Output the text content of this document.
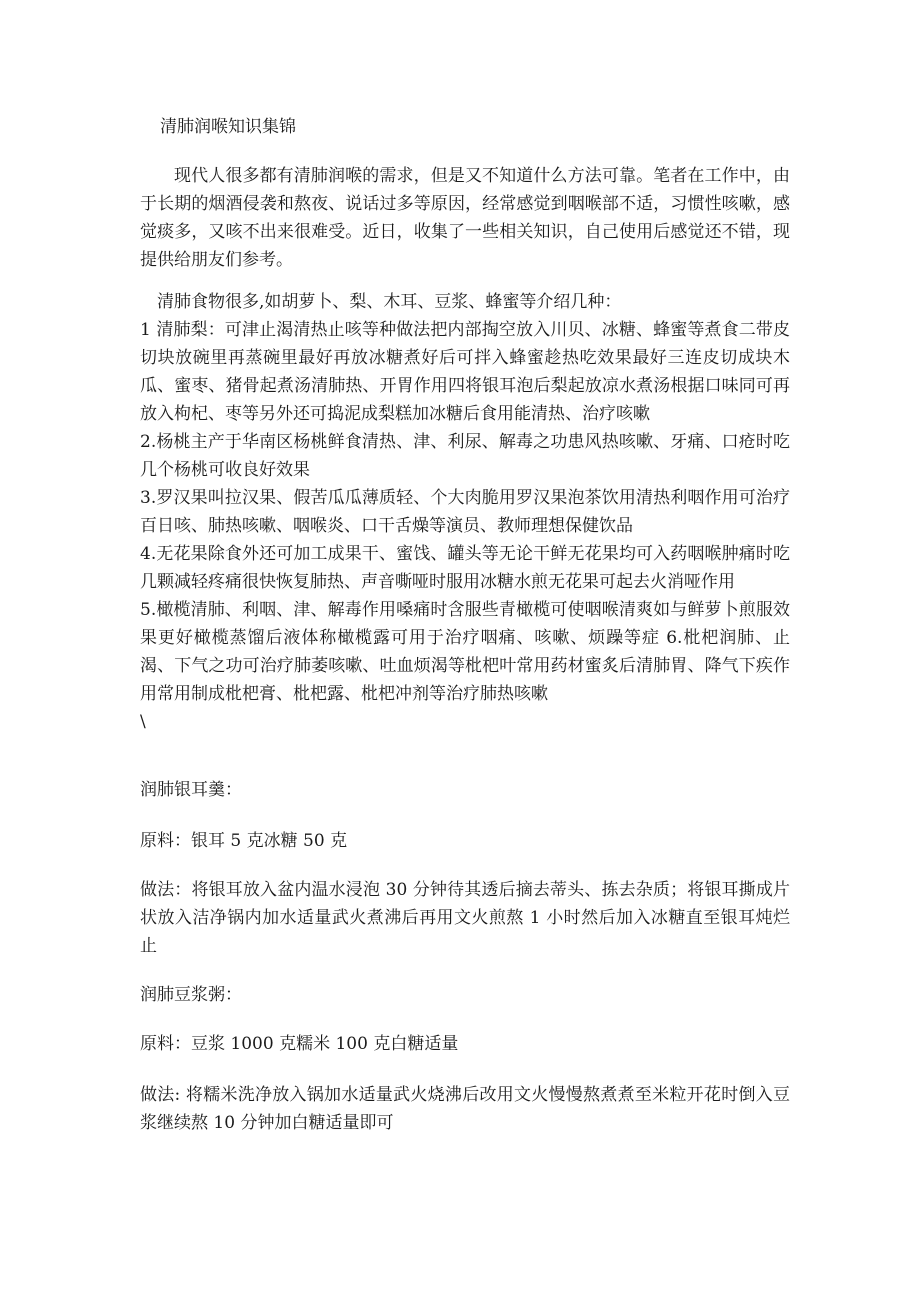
清肺润喉知识集锦
现代人很多都有清肺润喉的需求，但是又不知道什么方法可靠。笔者在工作中，由于长期的烟酒侵袭和熬夜、说话过多等原因，经常感觉到咽喉部不适，习惯性咳嗽，感觉痰多，又咳不出来很难受。近日，收集了一些相关知识，自己使用后感觉还不错，现提供给朋友们参考。
清肺食物很多,如胡萝卜、梨、木耳、豆浆、蜂蜜等介绍几种：
1 清肺梨：可津止渴清热止咳等种做法把内部掏空放入川贝、冰糖、蜂蜜等煮食二带皮切块放碗里再蒸碗里最好再放冰糖煮好后可拌入蜂蜜趁热吃效果最好三连皮切成块木瓜、蜜枣、猪骨起煮汤清肺热、开胃作用四将银耳泡后梨起放凉水煮汤根据口味同可再放入枸杞、枣等另外还可捣泥成梨糕加冰糖后食用能清热、治疗咳嗽
2.杨桃主产于华南区杨桃鲜食清热、津、利尿、解毒之功患风热咳嗽、牙痛、口疮时吃几个杨桃可收良好效果
3.罗汉果叫拉汉果、假苦瓜瓜薄质轻、个大肉脆用罗汉果泡茶饮用清热利咽作用可治疗百日咳、肺热咳嗽、咽喉炎、口干舌燥等演员、教师理想保健饮品
4.无花果除食外还可加工成果干、蜜饯、罐头等无论干鲜无花果均可入药咽喉肿痛时吃几颗减轻疼痛很快恢复肺热、声音嘶哑时服用冰糖水煎无花果可起去火消哑作用
5.橄榄清肺、利咽、津、解毒作用嗓痛时含服些青橄榄可使咽喉清爽如与鲜萝卜煎服效果更好橄榄蒸馏后液体称橄榄露可用于治疗咽痛、咳嗽、烦躁等症 6.枇杷润肺、止渴、下气之功可治疗肺萎咳嗽、吐血烦渴等枇杷叶常用药材蜜炙后清肺胃、降气下疾作用常用制成枇杷膏、枇杷露、枇杷冲剂等治疗肺热咳嗽
\
润肺银耳羹：
原料：银耳 5 克冰糖 50 克
做法：将银耳放入盆内温水浸泡 30 分钟待其透后摘去蒂头、拣去杂质；将银耳撕成片状放入洁净锅内加水适量武火煮沸后再用文火煎熬 1 小时然后加入冰糖直至银耳炖烂止
润肺豆浆粥：
原料：豆浆 1000 克糯米 100 克白糖适量
做法: 将糯米洗净放入锅加水适量武火烧沸后改用文火慢慢熬煮煮至米粒开花时倒入豆浆继续熬 10 分钟加白糖适量即可
